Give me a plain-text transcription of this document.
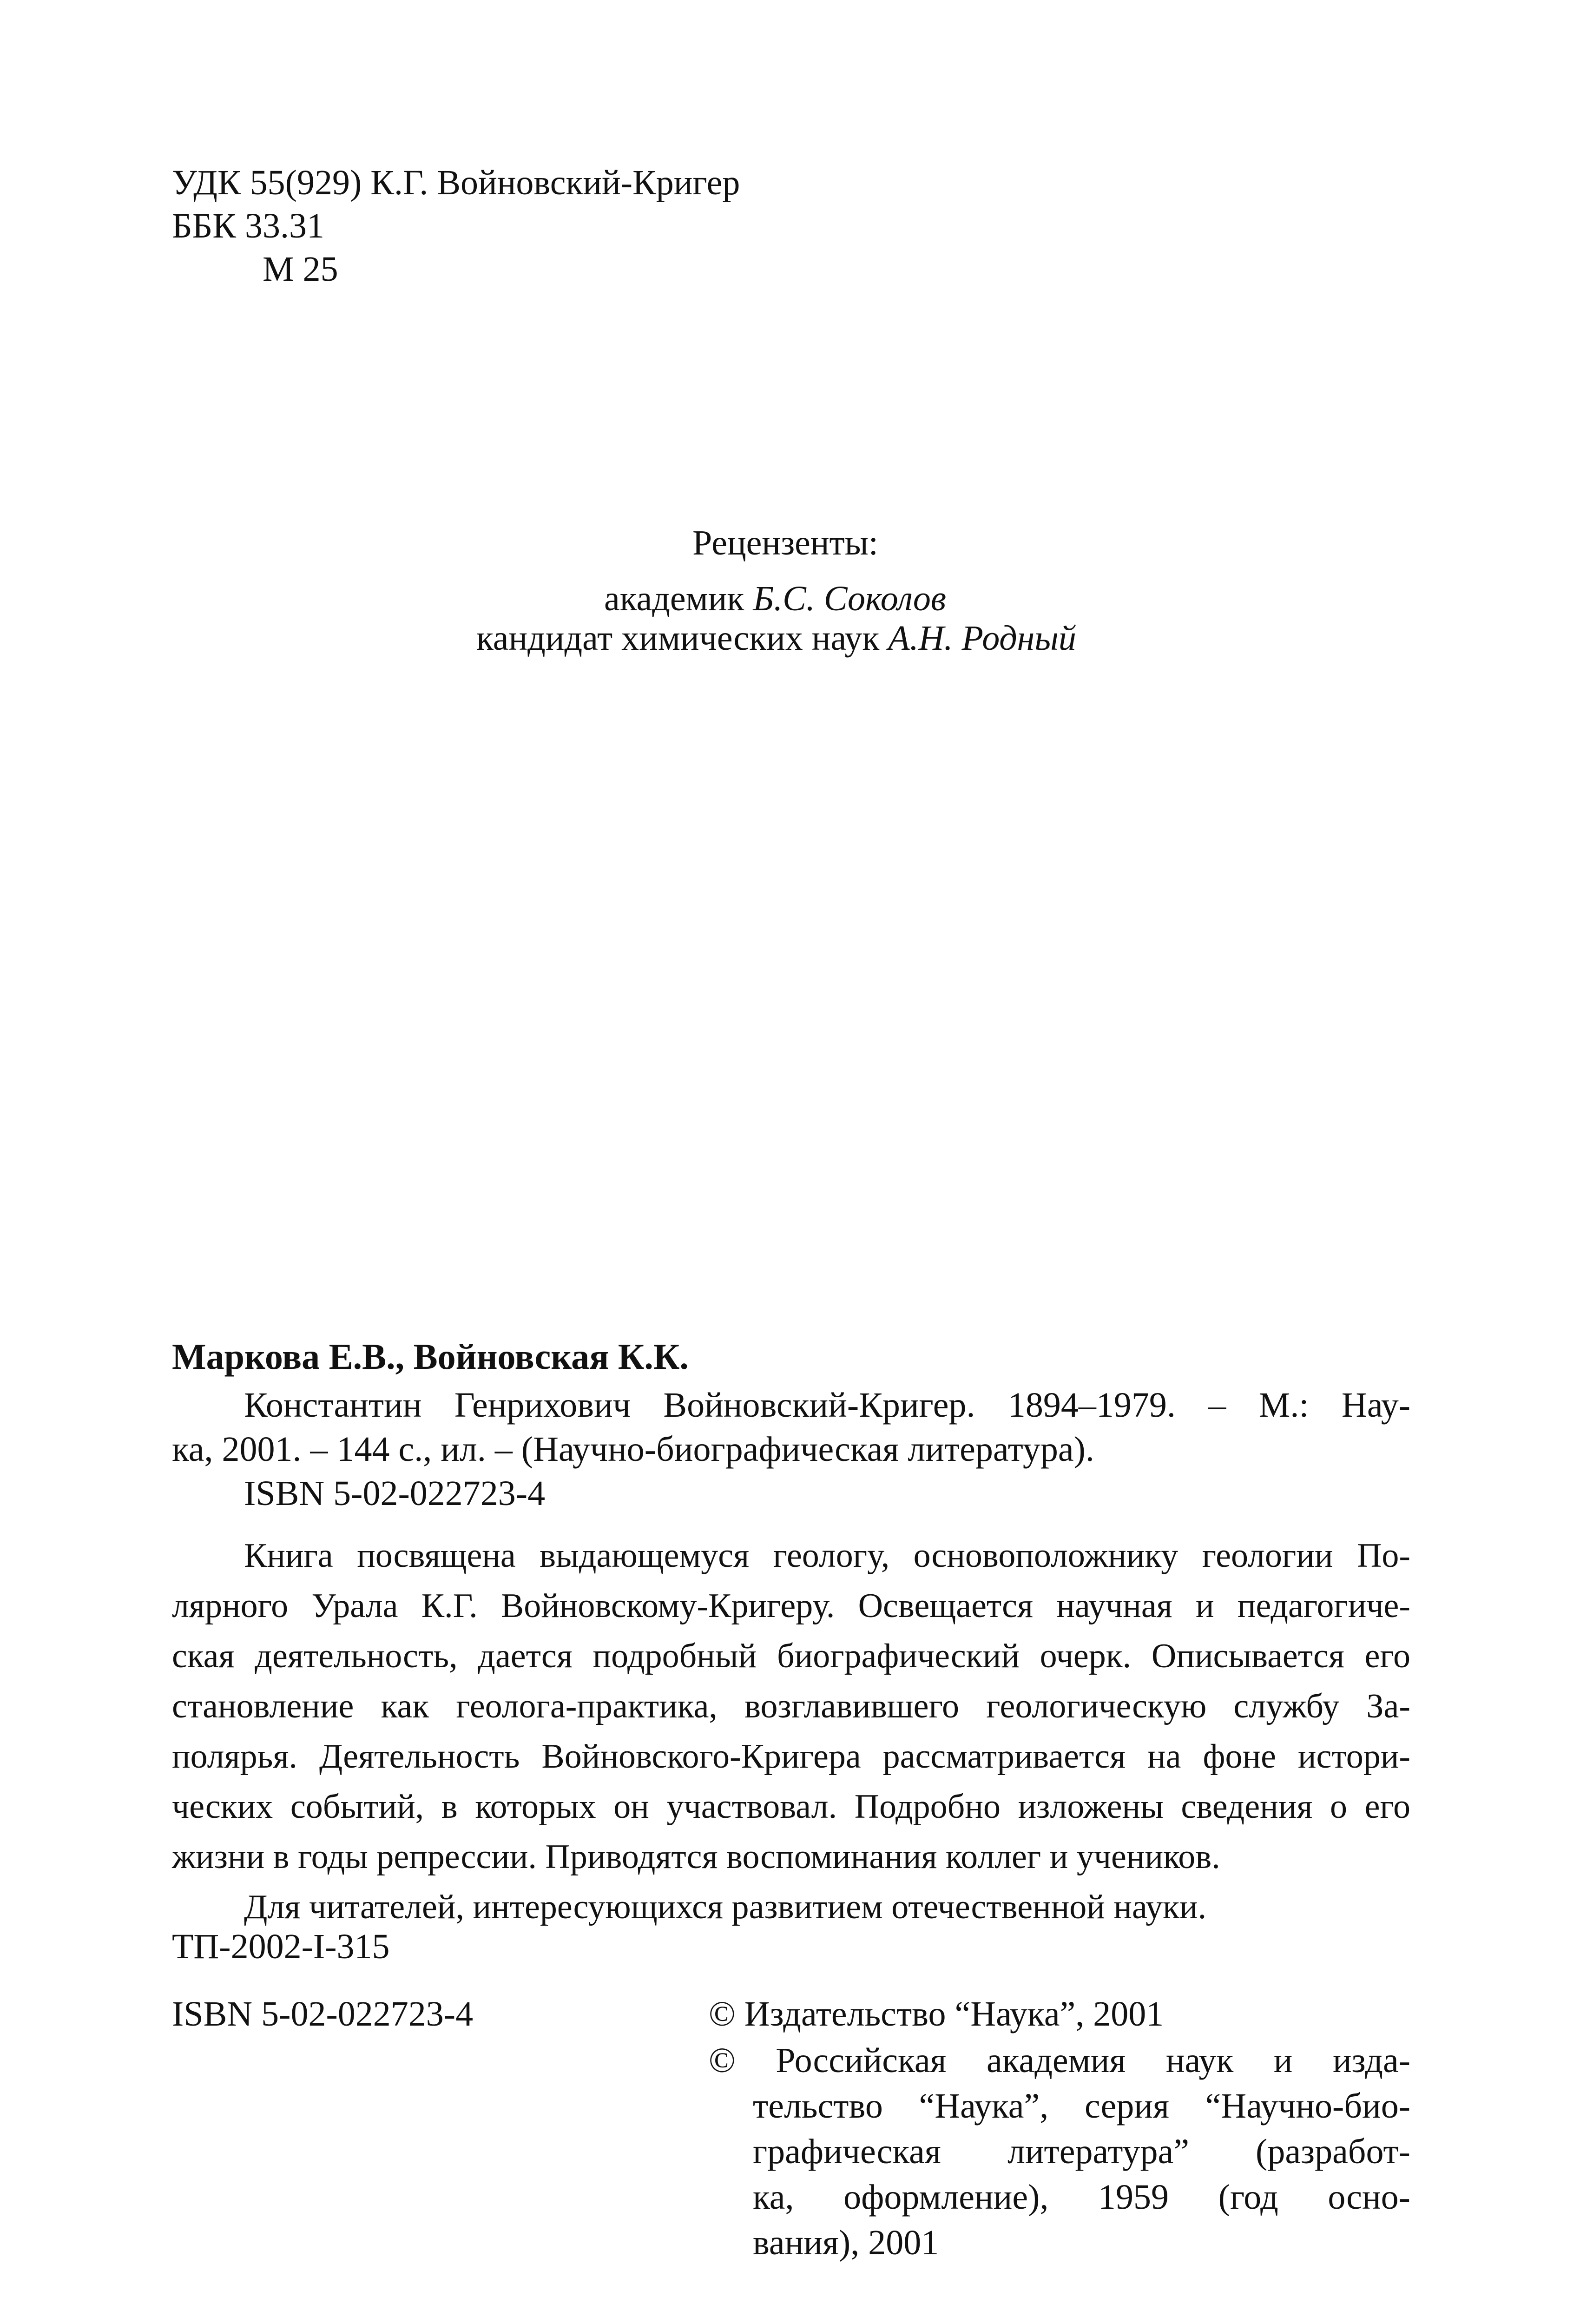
УДК 55(929) К.Г. Войновский-Кригер
ББК 33.31
М 25
Рецензенты:
академик Б.С. Соколов
кандидат химических наук А.Н. Родный
Маркова Е.В., Войновская К.К.
Константин Генрихович Войновский-Кригер. 1894–1979. – М.: Нау-
ка, 2001. – 144 с., ил. – (Научно-биографическая литература).
ISBN 5-02-022723-4
Книга посвящена выдающемуся геологу, основоположнику геологии По-
лярного Урала К.Г. Войновскому-Кригеру. Освещается научная и педагогиче-
ская деятельность, дается подробный биографический очерк. Описывается его
становление как геолога-практика, возглавившего геологическую службу За-
полярья. Деятельность Войновского-Кригера рассматривается на фоне истори-
ческих событий, в которых он участвовал. Подробно изложены сведения о его
жизни в годы репрессии. Приводятся воспоминания коллег и учеников.
Для читателей, интересующихся развитием отечественной науки.
ТП-2002-I-315
ISBN 5-02-022723-4	© Издательство “Наука”, 2001
© Российская академия наук и изда-
тельство “Наука”, серия “Научно-био-
графическая литература” (разработ-
ка, оформление), 1959 (год осно-
вания), 2001
